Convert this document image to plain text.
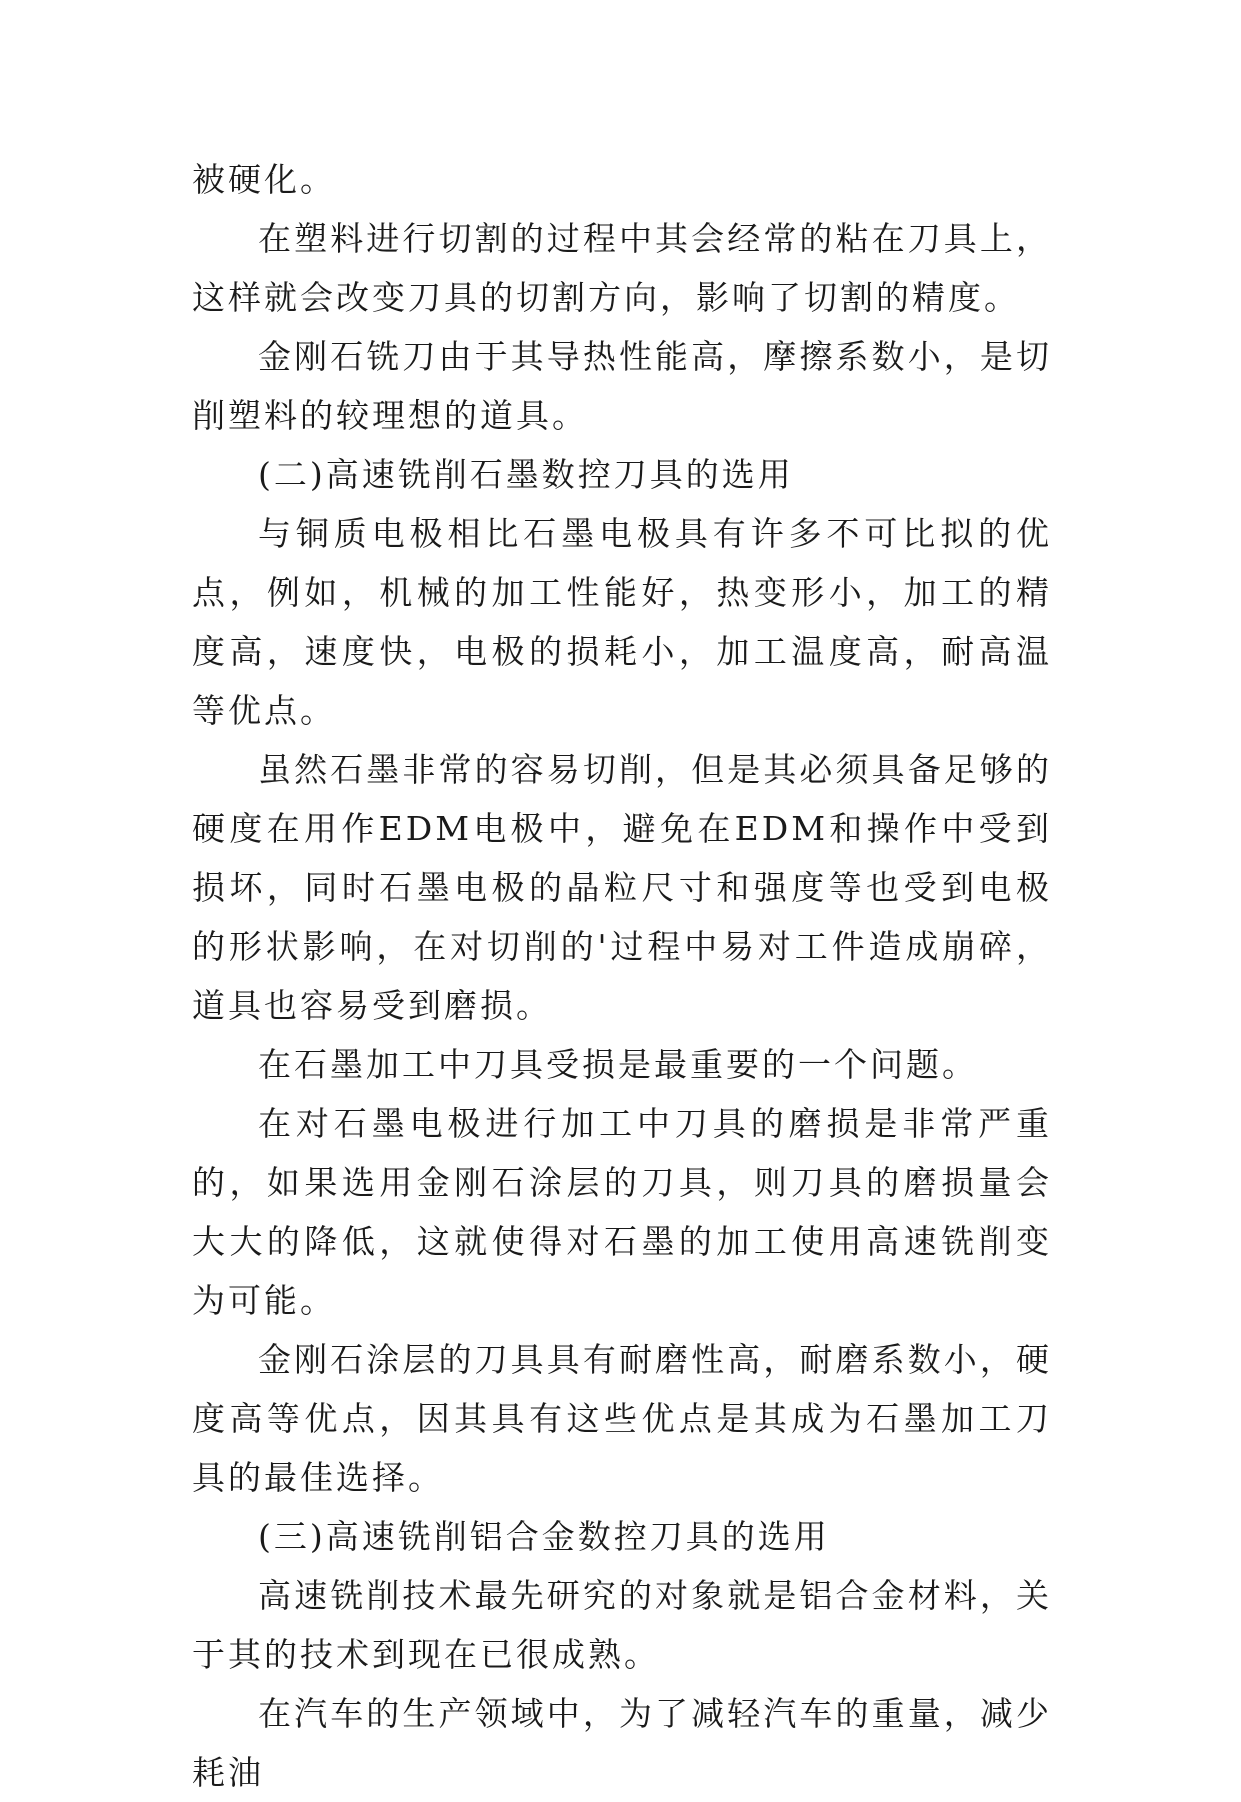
被硬化。

在塑料进行切割的过程中其会经常的粘在刀具上，这样就会改变刀具的切割方向，影响了切割的精度。

金刚石铣刀由于其导热性能高，摩擦系数小，是切削塑料的较理想的道具。

(二)高速铣削石墨数控刀具的选用

与铜质电极相比石墨电极具有许多不可比拟的优点，例如，机械的加工性能好，热变形小，加工的精度高，速度快，电极的损耗小，加工温度高，耐高温等优点。

虽然石墨非常的容易切削，但是其必须具备足够的硬度在用作EDM电极中，避免在EDM和操作中受到损坏，同时石墨电极的晶粒尺寸和强度等也受到电极的形状影响，在对切削的'过程中易对工件造成崩碎，道具也容易受到磨损。

在石墨加工中刀具受损是最重要的一个问题。

在对石墨电极进行加工中刀具的磨损是非常严重的，如果选用金刚石涂层的刀具，则刀具的磨损量会大大的降低，这就使得对石墨的加工使用高速铣削变为可能。

金刚石涂层的刀具具有耐磨性高，耐磨系数小，硬度高等优点，因其具有这些优点是其成为石墨加工刀具的最佳选择。

(三)高速铣削铝合金数控刀具的选用

高速铣削技术最先研究的对象就是铝合金材料，关于其的技术到现在已很成熟。

在汽车的生产领域中，为了减轻汽车的重量，减少耗油
